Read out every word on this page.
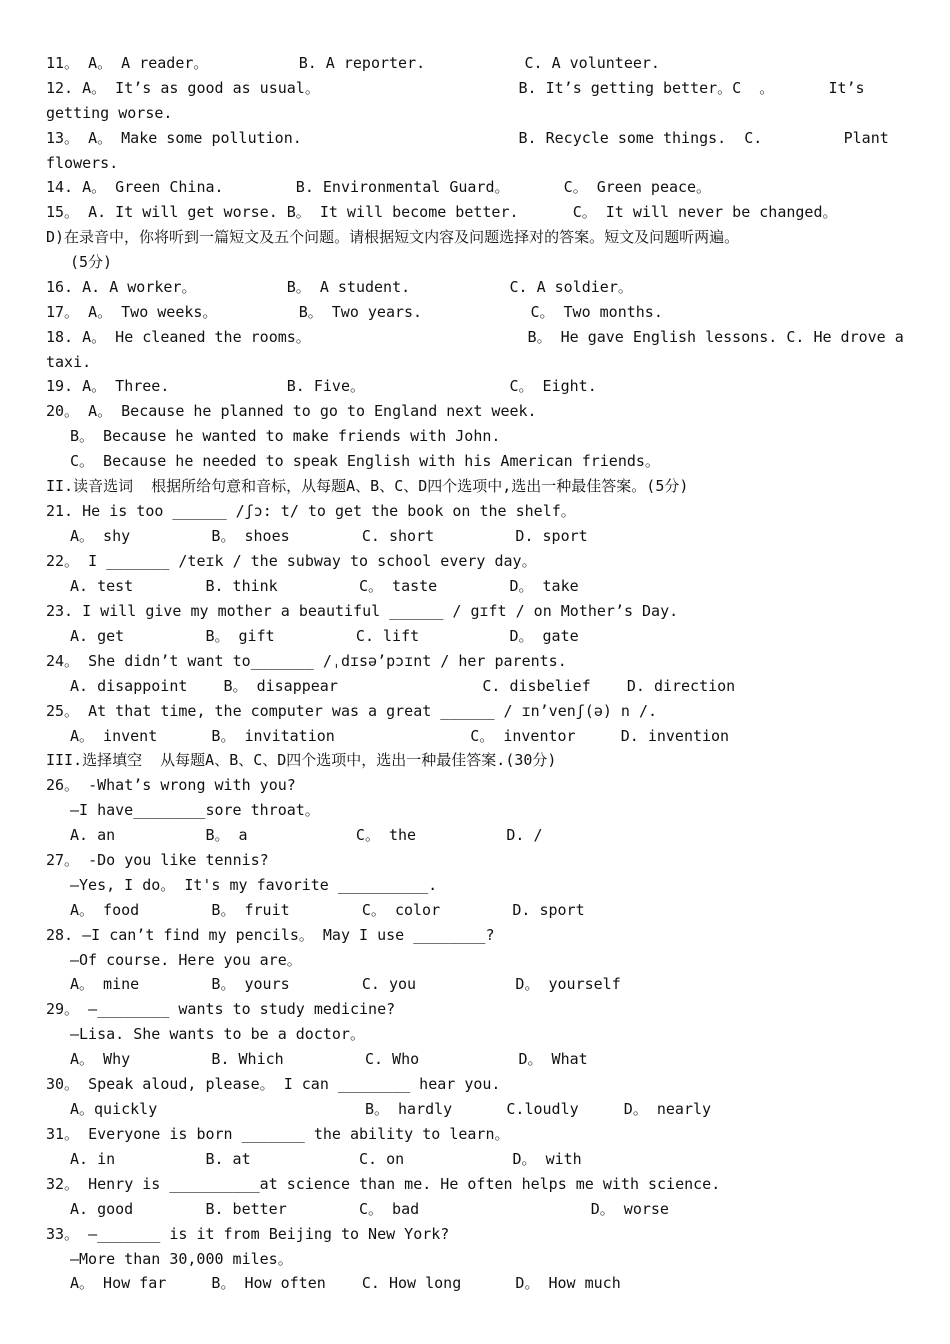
11。 A。 A reader。          B. A reporter.           C. A volunteer.
12. A。 It’s as good as usual。                      B. It’s getting better。C  。      It’s
getting worse.
13。 A。 Make some pollution.                        B. Recycle some things.  C.         Plant
flowers.
14. A。 Green China.        B. Environmental Guard。      C。 Green peace。
15。 A. It will get worse. B。 It will become better.      C。 It will never be changed。
D)在录音中，你将听到一篇短文及五个问题。请根据短文内容及问题选择对的答案。短文及问题听两遍。
(5分)
16. A. A worker。          B。 A student.           C. A soldier。
17。 A。 Two weeks。         B。 Two years.            C。 Two months.
18. A。 He cleaned the rooms。                        B。 He gave English lessons. C. He drove a
taxi.
19. A。 Three.             B. Five。                C。 Eight.
20。 A。 Because he planned to go to England next week.
B。 Because he wanted to make friends with John.
C。 Because he needed to speak English with his American friends。
II.读音选词  根据所给句意和音标，从每题A、B、C、D四个选项中,选出一种最佳答案。(5分)
21. He is too ______ /ʃɔ: t/ to get the book on the shelf。
A。 shy         B。 shoes        C. short         D. sport
22。 I _______ /teɪk / the subway to school every day。
A. test        B. think         C。 taste        D。 take
23. I will give my mother a beautiful ______ / gɪft / on Mother’s Day.
A. get         B。 gift         C. lift          D。 gate
24。 She didn’t want to_______ /ˌdɪsə’pɔɪnt / her parents.
A. disappoint    B。 disappear                C. disbelief    D. direction
25。 At that time, the computer was a great ______ / ɪn’venʃ(ə) n /.
A。 invent      B。 invitation               C。 inventor     D. invention
III.选择填空  从每题A、B、C、D四个选项中，选出一种最佳答案.(30分)
26。 -What’s wrong with you?
—I have________sore throat。
A. an          B。 a            C。 the          D. /
27。 -Do you like tennis?
—Yes, I do。 It's my favorite __________.
A。 food        B。 fruit        C。 color        D. sport
28. —I can’t find my pencils。 May I use ________?
—Of course. Here you are。
A。 mine        B。 yours        C. you           D。 yourself
29。 —________ wants to study medicine?
—Lisa. She wants to be a doctor。
A。 Why         B. Which         C. Who           D。 What
30。 Speak aloud, please。 I can ________ hear you.
A。quickly                       B。 hardly      C.loudly     D。 nearly
31。 Everyone is born _______ the ability to learn。
A. in          B. at            C. on            D。 with
32。 Henry is __________at science than me. He often helps me with science.
A. good        B. better        C。 bad                   D。 worse
33。 —_______ is it from Beijing to New York?
—More than 30,000 miles。
A。 How far     B。 How often    C. How long      D。 How much
